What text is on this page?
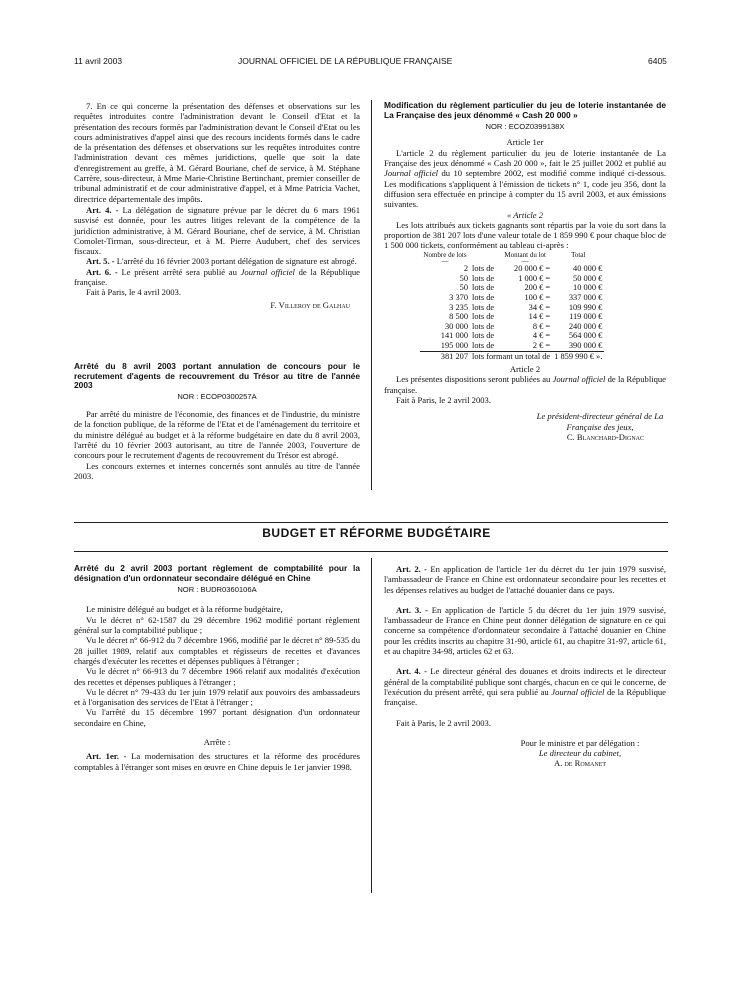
11 avril 2003	JOURNAL OFFICIEL DE LA RÉPUBLIQUE FRANÇAISE	6405

7. En ce qui concerne la présentation des défenses et observations sur les requêtes introduites contre l'administration devant le Conseil d'Etat et la présentation des recours formés par l'administration devant le Conseil d'Etat ou les cours administratives d'appel ainsi que des recours incidents formés dans le cadre de la présentation des défenses et observations sur les requêtes introduites contre l'administration devant ces mêmes juridictions, quelle que soit la date d'enregistrement au greffe, à M. Gérard Bouriane, chef de service, à M. Stéphane Carrère, sous-directeur, à Mme Marie-Christine Bertinchant, premier conseiller de tribunal administratif et de cour administrative d'appel, et à Mme Patricia Vachet, directrice départementale des impôts.

Art. 4. - La délégation de signature prévue par le décret du 6 mars 1961 susvisé est donnée, pour les autres litiges relevant de la compétence de la juridiction administrative, à M. Gérard Bouriane, chef de service, à M. Christian Comolet-Tirman, sous-directeur, et à M. Pierre Audubert, chef des services fiscaux.

Art. 5. - L'arrêté du 16 février 2003 portant délégation de signature est abrogé.

Art. 6. - Le présent arrêté sera publié au Journal officiel de la République française.

Fait à Paris, le 4 avril 2003.

F. Villeroy de Galhau

Arrêté du 8 avril 2003 portant annulation de concours pour le recrutement d'agents de recouvrement du Trésor au titre de l'année 2003

NOR : ECOP0300257A

Par arrêté du ministre de l'économie, des finances et de l'industrie, du ministre de la fonction publique, de la réforme de l'Etat et de l'aménagement du territoire et du ministre délégué au budget et à la réforme budgétaire en date du 8 avril 2003, l'arrêté du 10 février 2003 autorisant, au titre de l'année 2003, l'ouverture de concours pour le recrutement d'agents de recouvrement du Trésor est abrogé.

Les concours externes et internes concernés sont annulés au titre de l'année 2003.

Modification du règlement particulier du jeu de loterie instantanée de La Française des jeux dénommé « Cash 20 000 »

NOR : ECOZ0399138X

Article 1er

L'article 2 du règlement particulier du jeu de loterie instantanée de La Française des jeux dénommé « Cash 20 000 », fait le 25 juillet 2002 et publié au Journal officiel du 10 septembre 2002, est modifié comme indiqué ci-dessous. Les modifications s'appliquent à l'émission de tickets n° 1, code jeu 356, dont la diffusion sera effectuée en principe à compter du 15 avril 2003, et aux émissions suivantes.

« Article 2

Les lots attribués aux tickets gagnants sont répartis par la voie du sort dans la proportion de 381 207 lots d'une valeur totale de 1 859 990 € pour chaque bloc de 1 500 000 tickets, conformément au tableau ci-après :

Nombre de lots		Montant du lot	Total
—		—	
2	lots de	20 000 € =	40 000 €
50	lots de	1 000 € =	50 000 €
50	lots de	200 € =	10 000 €
3 370	lots de	100 € =	337 000 €
3 235	lots de	34 € =	109 990 €
8 500	lots de	14 € =	119 000 €
30 000	lots de	8 € =	240 000 €
141 000	lots de	4 € =	564 000 €
195 000	lots de	2 € =	390 000 €
381 207	lots formant un total de		1 859 990 € ».

Article 2

Les présentes dispositions seront publiées au Journal officiel de la République française.

Fait à Paris, le 2 avril 2003.

Le président-directeur général de La Française des jeux,

C. Blanchard-Dignac

BUDGET ET RÉFORME BUDGÉTAIRE

Arrêté du 2 avril 2003 portant règlement de comptabilité pour la désignation d'un ordonnateur secondaire délégué en Chine

NOR : BUDR0360106A

Le ministre délégué au budget et à la réforme budgétaire,

Vu le décret n° 62-1587 du 29 décembre 1962 modifié portant règlement général sur la comptabilité publique ;

Vu le décret n° 66-912 du 7 décembre 1966, modifié par le décret n° 89-535 du 28 juillet 1989, relatif aux comptables et régisseurs de recettes et d'avances chargés d'exécuter les recettes et dépenses publiques à l'étranger ;

Vu le décret n° 66-913 du 7 décembre 1966 relatif aux modalités d'exécution des recettes et dépenses publiques à l'étranger ;

Vu le décret n° 79-433 du 1er juin 1979 relatif aux pouvoirs des ambassadeurs et à l'organisation des services de l'Etat à l'étranger ;

Vu l'arrêté du 15 décembre 1997 portant désignation d'un ordonnateur secondaire en Chine,

Arrête :

Art. 1er. - La modernisation des structures et la réforme des procédures comptables à l'étranger sont mises en œuvre en Chine depuis le 1er janvier 1998.

Art. 2. - En application de l'article 1er du décret du 1er juin 1979 susvisé, l'ambassadeur de France en Chine est ordonnateur secondaire pour les recettes et les dépenses relatives au budget de l'attaché douanier dans ce pays.

Art. 3. - En application de l'article 5 du décret du 1er juin 1979 susvisé, l'ambassadeur de France en Chine peut donner délégation de signature en ce qui concerne sa compétence d'ordonnateur secondaire à l'attaché douanier en Chine pour les crédits inscrits au chapitre 31-90, article 61, au chapitre 31-97, article 61, et au chapitre 34-98, articles 62 et 63.

Art. 4. - Le directeur général des douanes et droits indirects et le directeur général de la comptabilité publique sont chargés, chacun en ce qui le concerne, de l'exécution du présent arrêté, qui sera publié au Journal officiel de la République française.

Fait à Paris, le 2 avril 2003.

Pour le ministre et par délégation :

Le directeur du cabinet,

A. de Romanet
